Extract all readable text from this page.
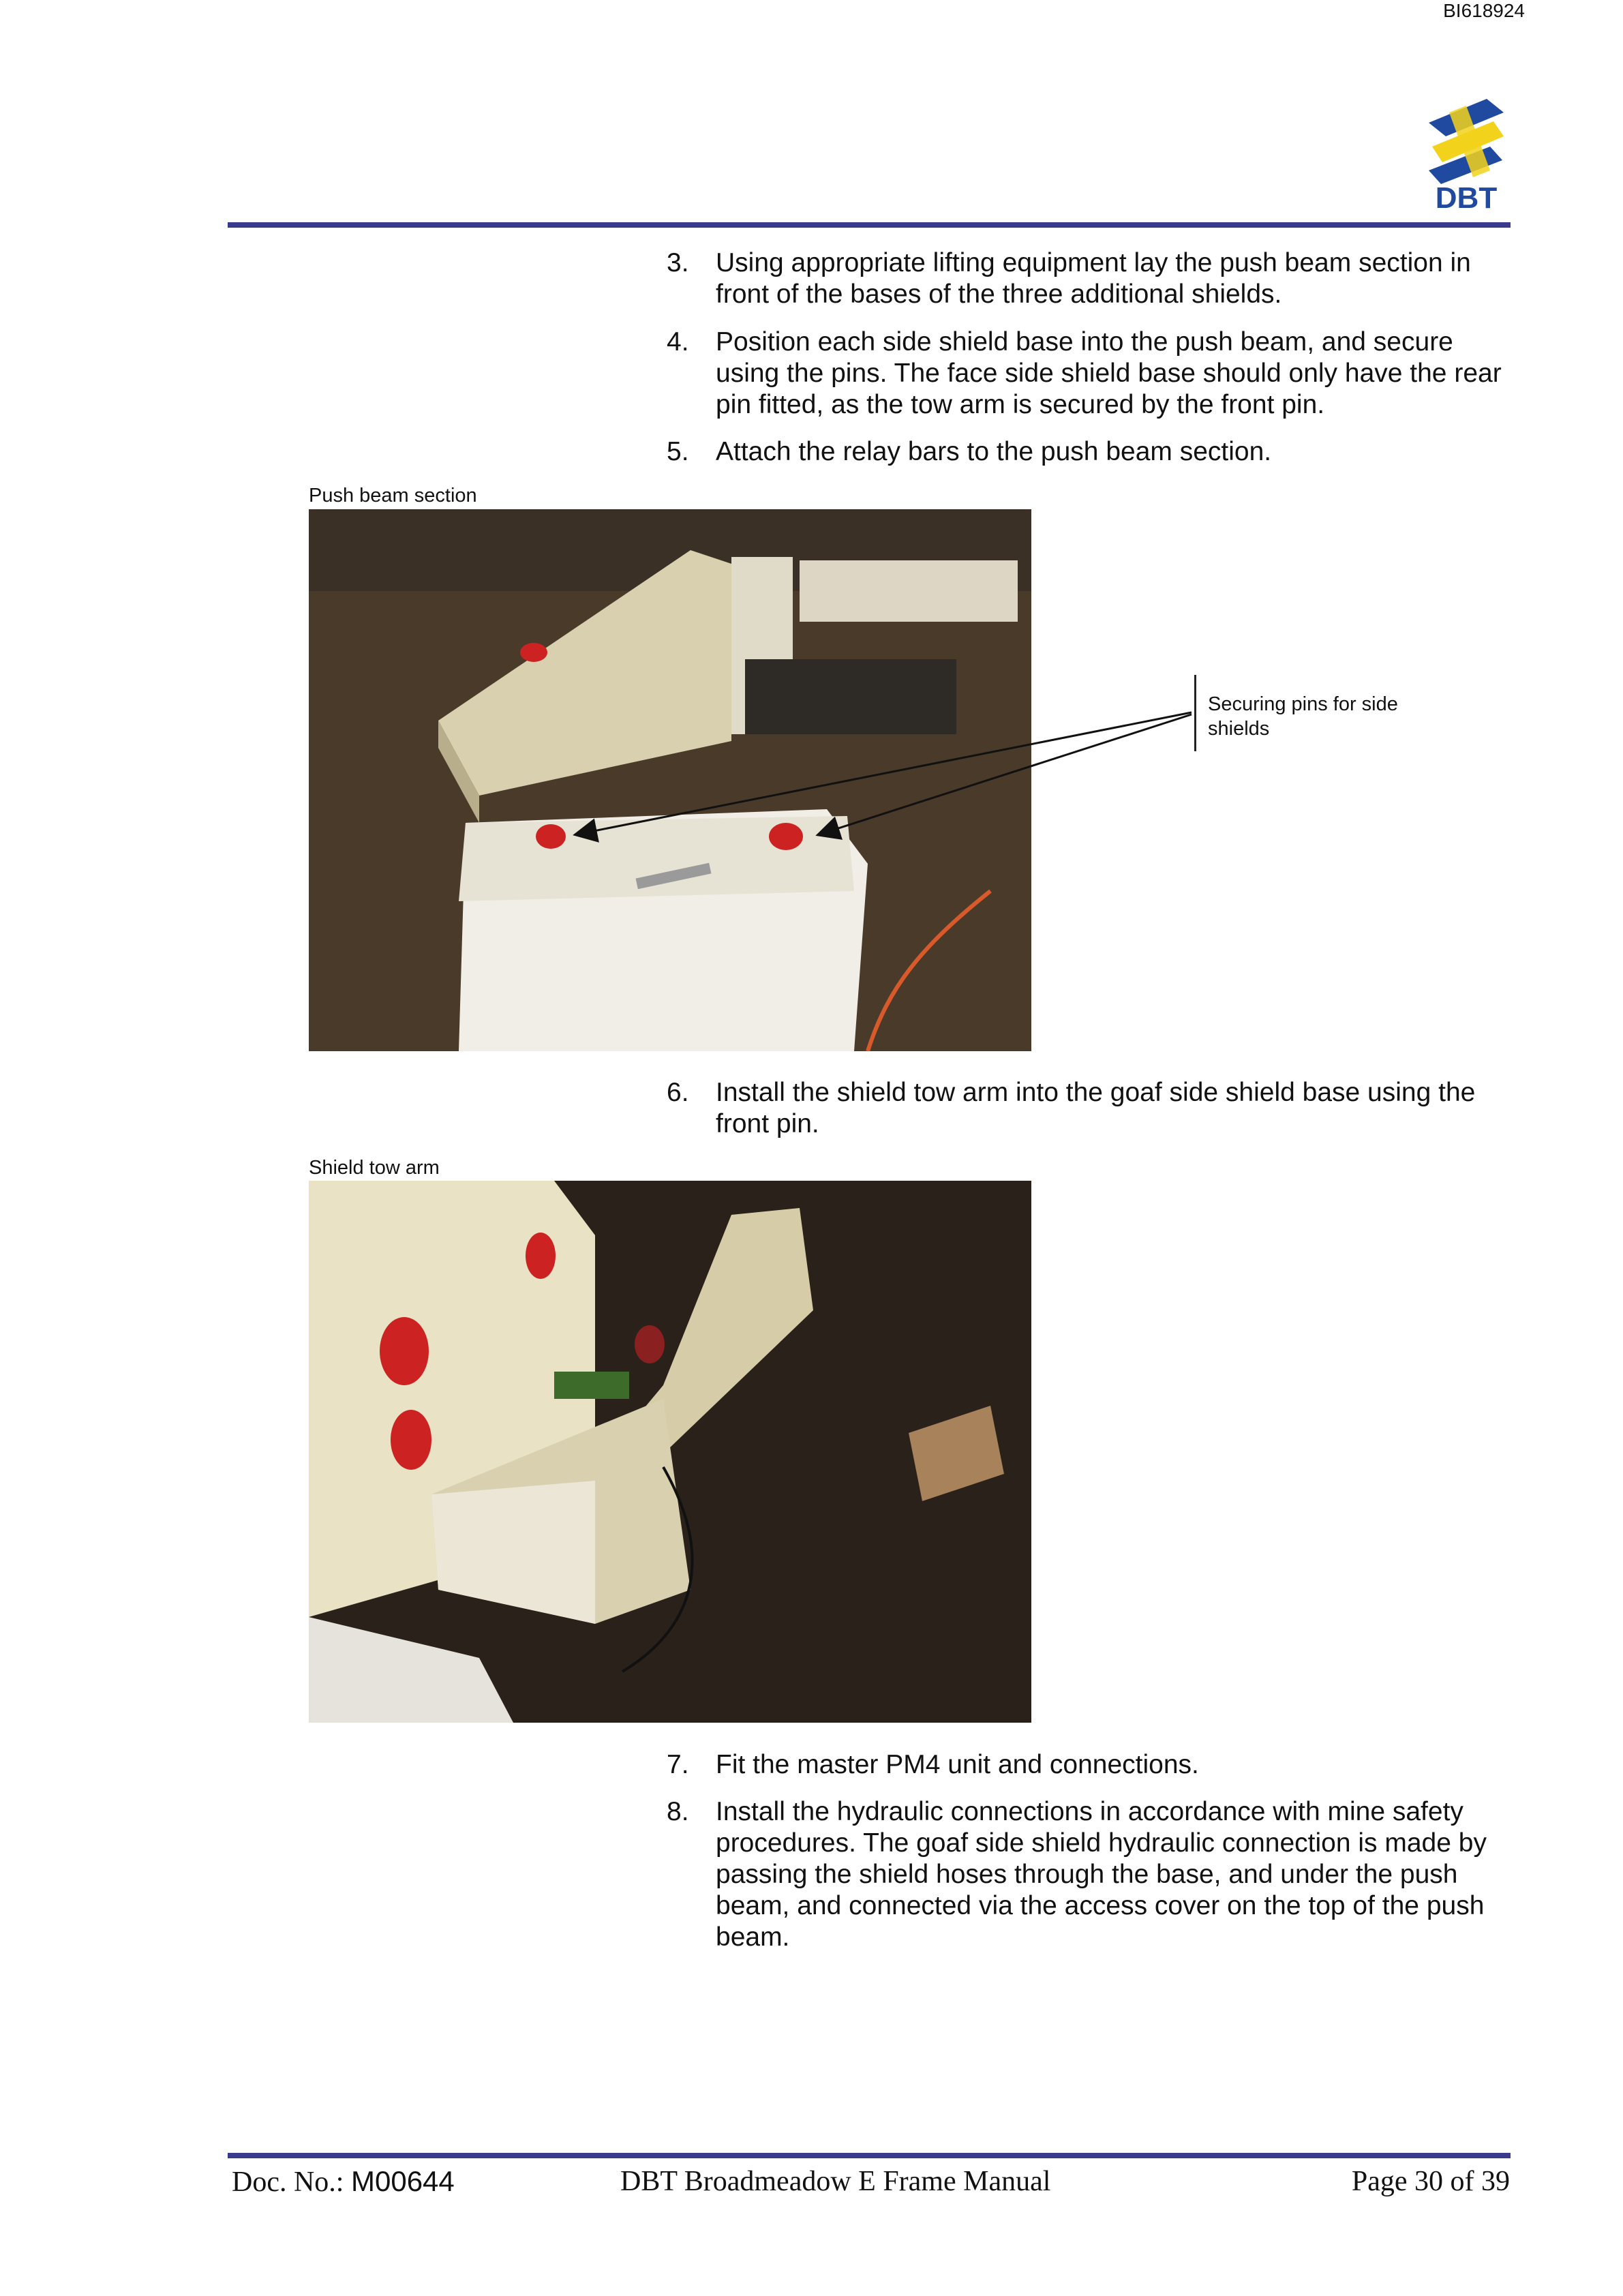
BI618924
DBT
3. Using appropriate lifting equipment lay the push beam section in front of the bases of the three additional shields.
4. Position each side shield base into the push beam, and secure using the pins. The face side shield base should only have the rear pin fitted, as the tow arm is secured by the front pin.
5. Attach the relay bars to the push beam section.
Push beam section
Securing pins for side shields
6. Install the shield tow arm into the goaf side shield base using the front pin.
Shield tow arm
7. Fit the master PM4 unit and connections.
8. Install the hydraulic connections in accordance with mine safety procedures. The goaf side shield hydraulic connection is made by passing the shield hoses through the base, and under the push beam, and connected via the access cover on the top of the push beam.
Doc. No.: M00644	DBT Broadmeadow E Frame Manual	Page 30 of 39
